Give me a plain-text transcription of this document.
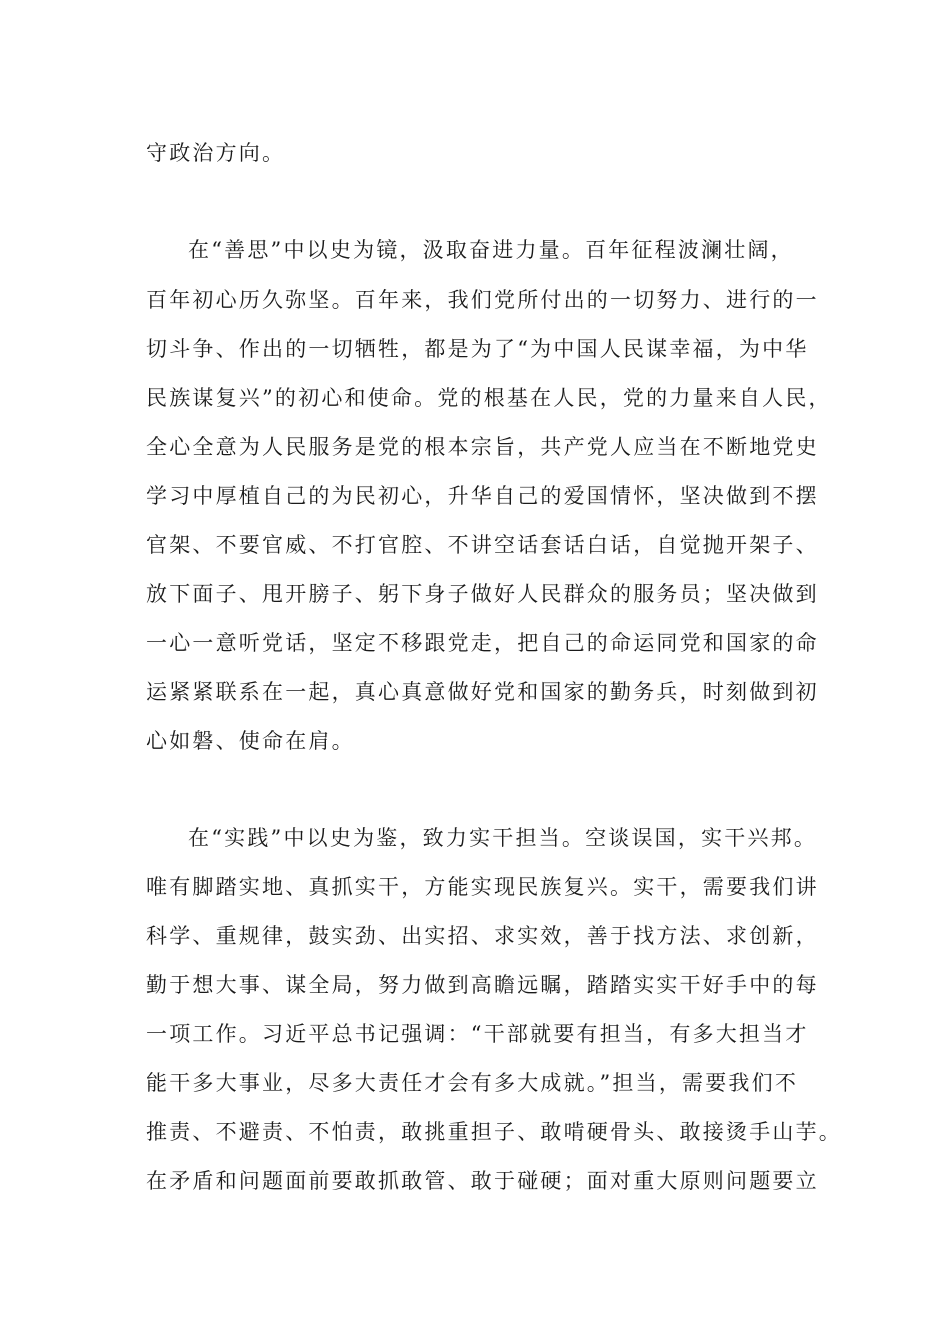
守政治方向。
在“善思”中以史为镜，汲取奋进力量。百年征程波澜壮阔，
百年初心历久弥坚。百年来，我们党所付出的一切努力、进行的一
切斗争、作出的一切牺牲，都是为了“为中国人民谋幸福，为中华
民族谋复兴”的初心和使命。党的根基在人民，党的力量来自人民，
全心全意为人民服务是党的根本宗旨，共产党人应当在不断地党史
学习中厚植自己的为民初心，升华自己的爱国情怀，坚决做到不摆
官架、不要官威、不打官腔、不讲空话套话白话，自觉抛开架子、
放下面子、甩开膀子、躬下身子做好人民群众的服务员；坚决做到
一心一意听党话，坚定不移跟党走，把自己的命运同党和国家的命
运紧紧联系在一起，真心真意做好党和国家的勤务兵，时刻做到初
心如磐、使命在肩。
在“实践”中以史为鉴，致力实干担当。空谈误国，实干兴邦。
唯有脚踏实地、真抓实干，方能实现民族复兴。实干，需要我们讲
科学、重规律，鼓实劲、出实招、求实效，善于找方法、求创新，
勤于想大事、谋全局，努力做到高瞻远瞩，踏踏实实干好手中的每
一项工作。习近平总书记强调：“干部就要有担当，有多大担当才
能干多大事业，尽多大责任才会有多大成就。”担当，需要我们不
推责、不避责、不怕责，敢挑重担子、敢啃硬骨头、敢接烫手山芋。
在矛盾和问题面前要敢抓敢管、敢于碰硬；面对重大原则问题要立
